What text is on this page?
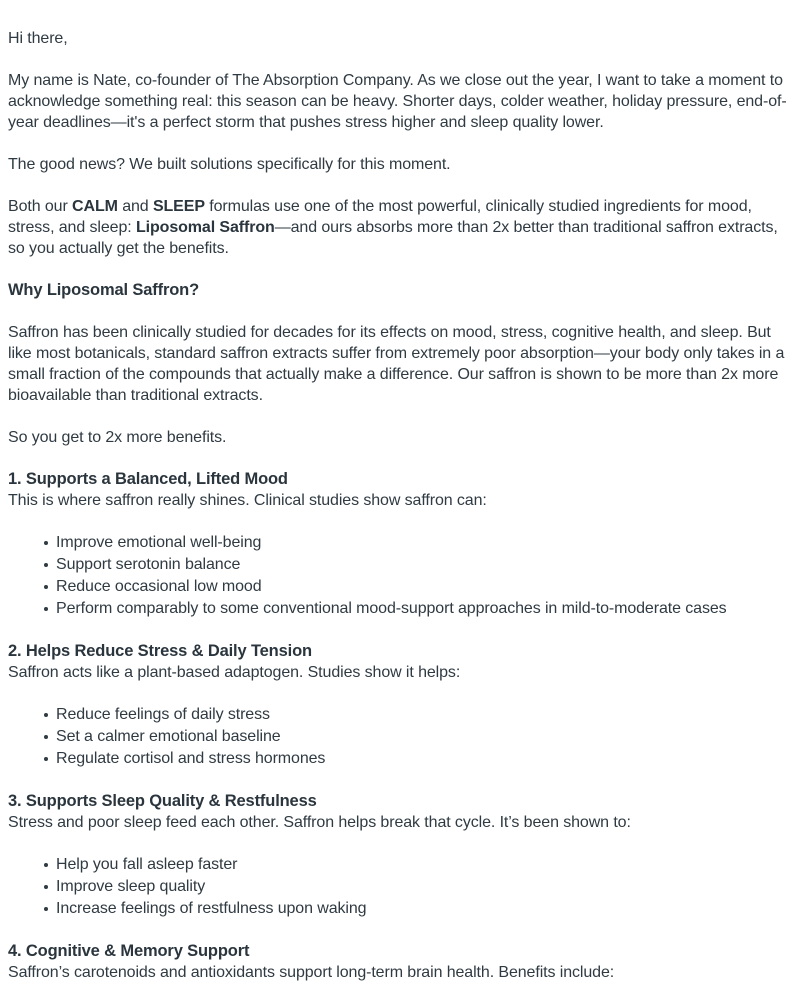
Hi there,

My name is Nate, co-founder of The Absorption Company. As we close out the year, I want to take a moment to acknowledge something real: this season can be heavy. Shorter days, colder weather, holiday pressure, end-of-year deadlines—it's a perfect storm that pushes stress higher and sleep quality lower.

The good news? We built solutions specifically for this moment.

Both our CALM and SLEEP formulas use one of the most powerful, clinically studied ingredients for mood, stress, and sleep: Liposomal Saffron—and ours absorbs more than 2x better than traditional saffron extracts, so you actually get the benefits.

Why Liposomal Saffron?

Saffron has been clinically studied for decades for its effects on mood, stress, cognitive health, and sleep. But like most botanicals, standard saffron extracts suffer from extremely poor absorption—your body only takes in a small fraction of the compounds that actually make a difference. Our saffron is shown to be more than 2x more bioavailable than traditional extracts.

So you get to 2x more benefits.

1. Supports a Balanced, Lifted Mood

This is where saffron really shines. Clinical studies show saffron can:

Improve emotional well-being
Support serotonin balance
Reduce occasional low mood
Perform comparably to some conventional mood-support approaches in mild-to-moderate cases
2. Helps Reduce Stress & Daily Tension

Saffron acts like a plant-based adaptogen. Studies show it helps:

Reduce feelings of daily stress
Set a calmer emotional baseline
Regulate cortisol and stress hormones
3. Supports Sleep Quality & Restfulness

Stress and poor sleep feed each other. Saffron helps break that cycle. It’s been shown to:

Help you fall asleep faster
Improve sleep quality
Increase feelings of restfulness upon waking
4. Cognitive & Memory Support

Saffron’s carotenoids and antioxidants support long-term brain health. Benefits include:
